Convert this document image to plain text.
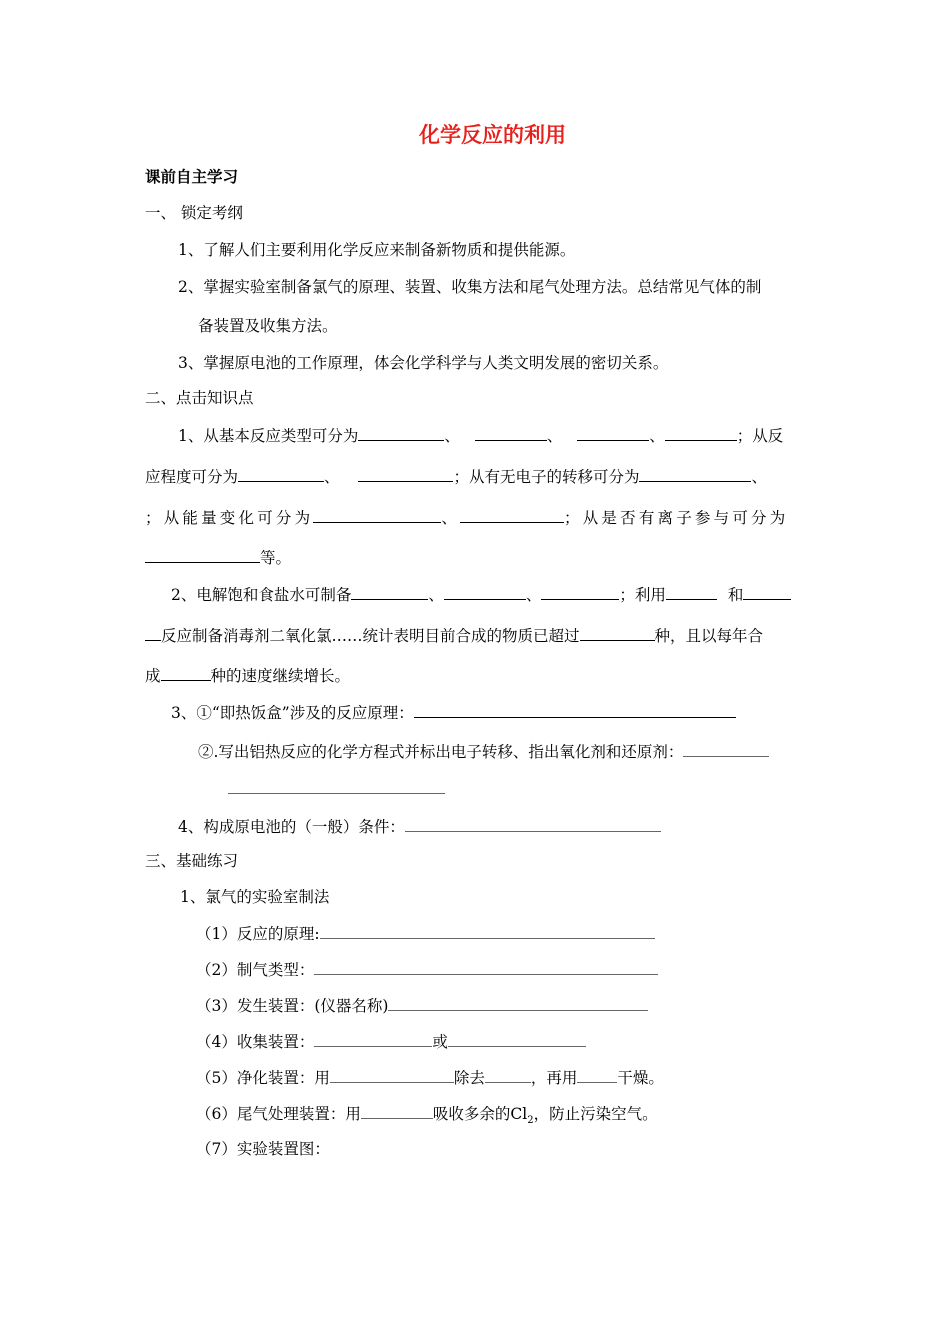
化学反应的利用
课前自主学习
一、 锁定考纲
1、了解人们主要利用化学反应来制备新物质和提供能源。
2、掌握实验室制备氯气的原理、装置、收集方法和尾气处理方法。总结常见气体的制
备装置及收集方法。
3、掌握原电池的工作原理，体会化学科学与人类文明发展的密切关系。
二、点击知识点
1、从基本反应类型可分为	、	、	、	；从反
应程度可分为	、	；从有无电子的转移可分为	、
；从能量变化可分为	、	；从是否有离子参与可分为
等。
2、电解饱和食盐水可制备	、	、	；利用	和
反应制备消毒剂二氧化氯……统计表明目前合成的物质已超过	种，且以每年合
成	种的速度继续增长。
3、①“即热饭盒”涉及的反应原理：
②.写出铝热反应的化学方程式并标出电子转移、指出氧化剂和还原剂：
4、构成原电池的（一般）条件：
三、基础练习
1、氯气的实验室制法
（1）反应的原理:
（2）制气类型：
（3）发生装置：(仪器名称)
（4）收集装置：	或
（5）净化装置：用	除去	，再用	干燥。
（6）尾气处理装置：用	吸收多余的$Cl_2$，防止污染空气。
（7）实验装置图：
